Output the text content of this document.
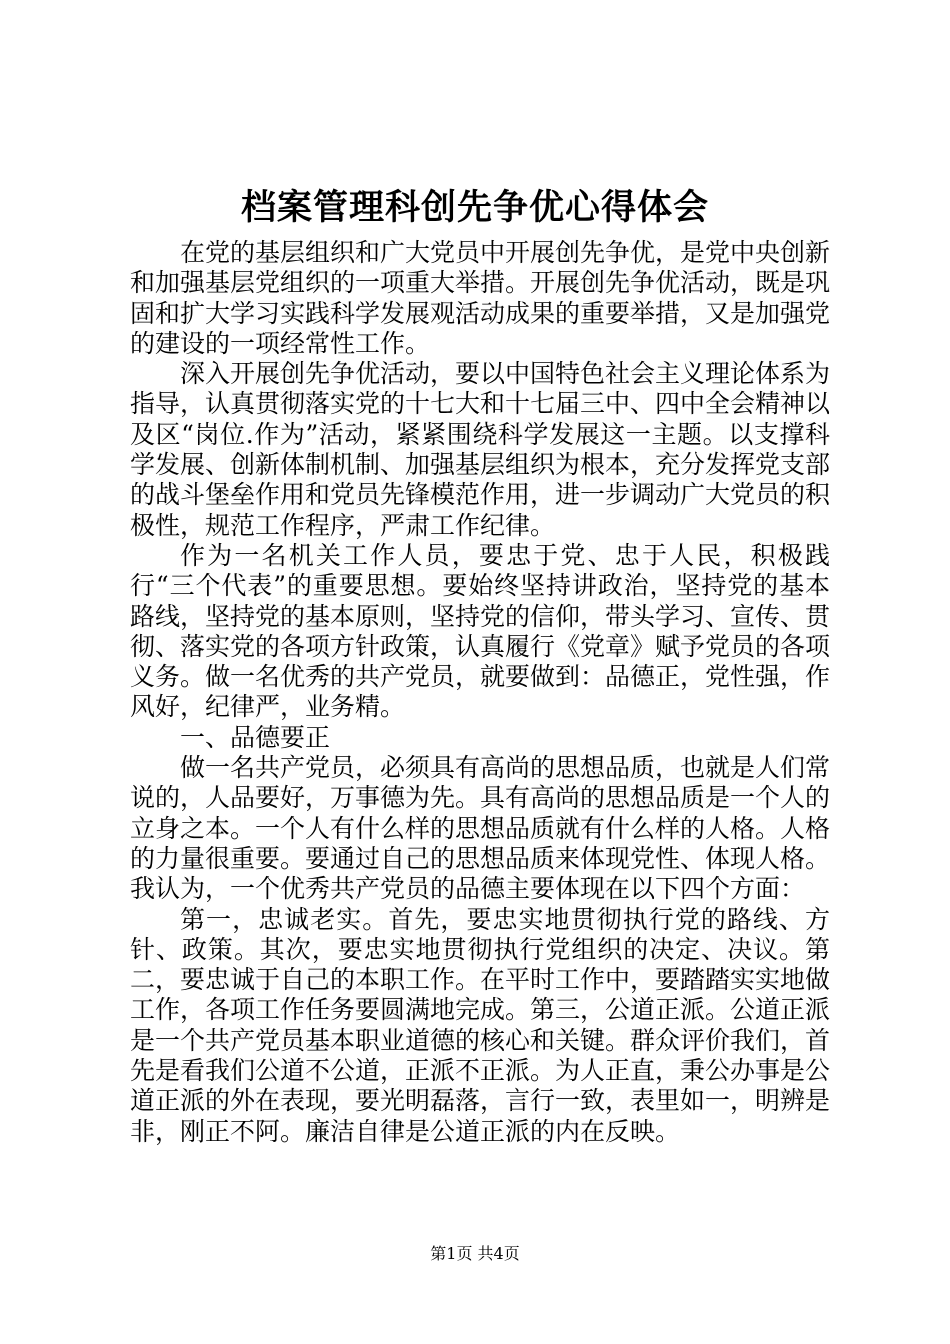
档案管理科创先争优心得体会

在党的基层组织和广大党员中开展创先争优，是党中央创新和加强基层党组织的一项重大举措。开展创先争优活动，既是巩固和扩大学习实践科学发展观活动成果的重要举措，又是加强党的建设的一项经常性工作。

深入开展创先争优活动，要以中国特色社会主义理论体系为指导，认真贯彻落实党的十七大和十七届三中、四中全会精神以及区“岗位.作为”活动，紧紧围绕科学发展这一主题。以支撑科学发展、创新体制机制、加强基层组织为根本，充分发挥党支部的战斗堡垒作用和党员先锋模范作用，进一步调动广大党员的积极性，规范工作程序，严肃工作纪律。

作为一名机关工作人员，要忠于党、忠于人民，积极践行“三个代表”的重要思想。要始终坚持讲政治，坚持党的基本路线，坚持党的基本原则，坚持党的信仰，带头学习、宣传、贯彻、落实党的各项方针政策，认真履行《党章》赋予党员的各项义务。做一名优秀的共产党员，就要做到：品德正，党性强，作风好，纪律严，业务精。

一、品德要正

做一名共产党员，必须具有高尚的思想品质，也就是人们常说的，人品要好，万事德为先。具有高尚的思想品质是一个人的立身之本。一个人有什么样的思想品质就有什么样的人格。人格的力量很重要。要通过自己的思想品质来体现党性、体现人格。我认为，一个优秀共产党员的品德主要体现在以下四个方面：

第一，忠诚老实。首先，要忠实地贯彻执行党的路线、方针、政策。其次，要忠实地贯彻执行党组织的决定、决议。第二，要忠诚于自己的本职工作。在平时工作中，要踏踏实实地做工作，各项工作任务要圆满地完成。第三，公道正派。公道正派是一个共产党员基本职业道德的核心和关键。群众评价我们，首先是看我们公道不公道，正派不正派。为人正直，秉公办事是公道正派的外在表现，要光明磊落，言行一致，表里如一，明辨是非，刚正不阿。廉洁自律是公道正派的内在反映。

第1页 共4页
